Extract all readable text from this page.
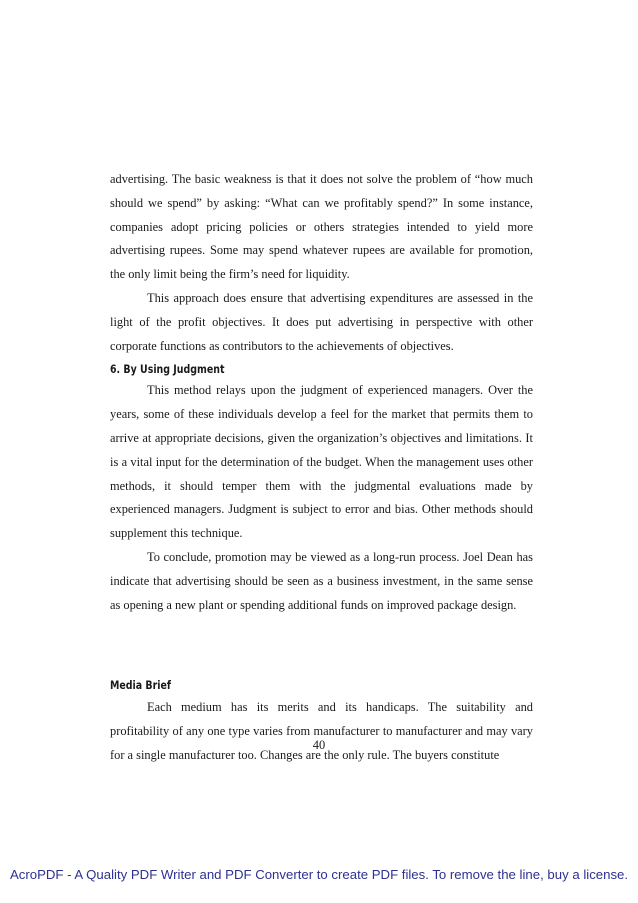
advertising. The basic weakness is that it does not solve the problem of “how much should we spend” by asking: “What can we profitably spend?” In some instance, companies adopt pricing policies or others strategies intended to yield more advertising rupees. Some may spend whatever rupees are available for promotion, the only limit being the firm’s need for liquidity.

This approach does ensure that advertising expenditures are assessed in the light of the profit objectives. It does put advertising in perspective with other corporate functions as contributors to the achievements of objectives.

6. By Using Judgment

This method relays upon the judgment of experienced managers. Over the years, some of these individuals develop a feel for the market that permits them to arrive at appropriate decisions, given the organization’s objectives and limitations. It is a vital input for the determination of the budget. When the management uses other methods, it should temper them with the judgmental evaluations made by experienced managers. Judgment is subject to error and bias. Other methods should supplement this technique.

To conclude, promotion may be viewed as a long-run process. Joel Dean has indicate that advertising should be seen as a business investment, in the same sense as opening a new plant or spending additional funds on improved package design.

Media Brief

Each medium has its merits and its handicaps. The suitability and profitability of any one type varies from manufacturer to manufacturer and may vary for a single manufacturer too. Changes are the only rule. The buyers constitute

40
AcroPDF - A Quality PDF Writer and PDF Converter to create PDF files. To remove the line, buy a license.
